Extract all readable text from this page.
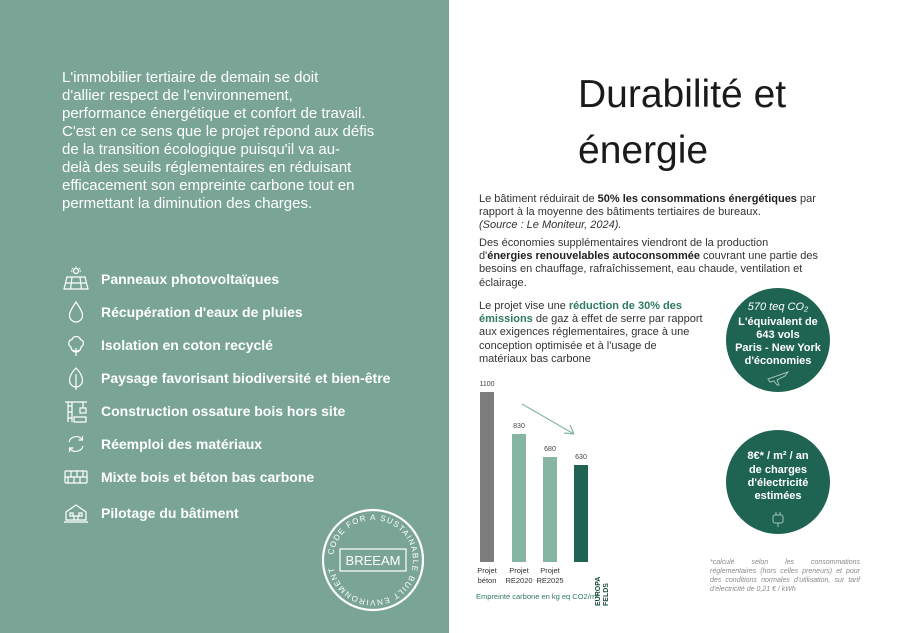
L'immobilier tertiaire de demain se doit
d'allier respect de l'environnement,
performance énergétique et confort de travail.
C'est en ce sens que le projet répond aux défis
de la transition écologique puisqu'il va au-
delà des seuils réglementaires en réduisant
efficacement son empreinte carbone tout en
permettant la diminution des charges.

Panneaux photovoltaïques
Récupération d'eaux de pluies
Isolation en coton recyclé
Paysage favorisant biodiversité et bien-être
Construction ossature bois hors site
Réemploi des matériaux
Mixte bois et béton bas carbone
Pilotage du bâtiment
CODE FOR A SUSTAINABLE BUILT ENVIRONMENT
BREEAM
Durabilité et
énergie

Le bâtiment réduirait de 50% les consommations énergétiques par rapport à la moyenne des bâtiments tertiaires de bureaux.
(Source : Le Moniteur, 2024).

Des économies supplémentaires viendront de la production d'énergies renouvelables autoconsommée couvrant une partie des besoins en chauffage, rafraîchissement, eau chaude, ventilation et éclairage.

Le projet vise une réduction de 30% des émissions de gaz à effet de serre par rapport aux exigences réglementaires, grace à une conception optimisée et à l'usage de matériaux bas carbone

Empreinte carbone en kg eq CO2/m²
1100
Projet
béton
830
Projet
RE2020
680
Projet
RE2025
630
EUROPA FELDS
570 teq CO₂
L'équivalent de
643 vols
Paris - New York
d'économies
8€* / m² / an
de charges
d'électricité
estimées

*calculé selon les consommations réglementaires (hors celles preneurs) et pour des conditions normales d'utilisation, sur tarif d'électricité de 0,21 € / kWh
